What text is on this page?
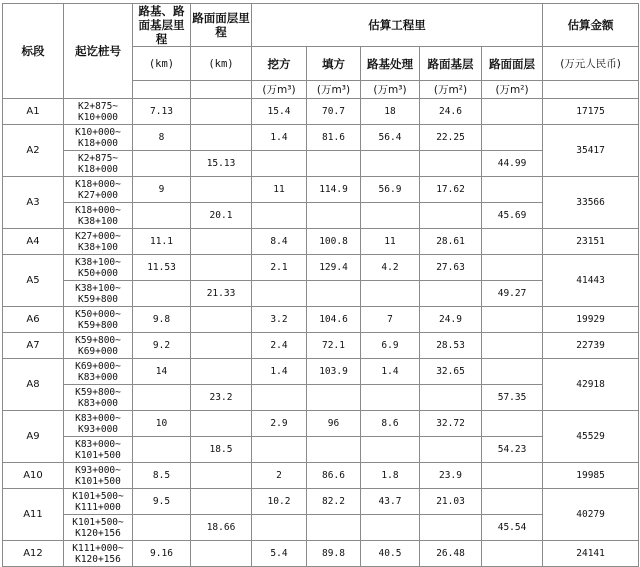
标段	起讫桩号	路基、路面基层里程	路面面层里程	估算工程里					估算金额
		(km)	(km)	挖方	填方	路基处理	路面基层	路面面层	(万元人民币)
				(万m³)	(万m³)	(万m³)	(万m²)	(万m²)	
A1	K2+875~
K10+000	7.13		15.4	70.7	18	24.6		17175
A2	K10+000~
K18+000	8		1.4	81.6	56.4	22.25		35417

	K2+875~
K18+000		15.13					44.99	
A3	K18+000~
K27+000	9		11	114.9	56.9	17.62		33566

	K18+000~
K38+100		20.1					45.69	
A4	K27+000~
K38+100	11.1		8.4	100.8	11	28.61		23151
A5	K38+100~
K50+000	11.53		2.1	129.4	4.2	27.63		41443

	K38+100~
K59+800		21.33					49.27	
A6	K50+000~
K59+800	9.8		3.2	104.6	7	24.9		19929
A7	K59+800~
K69+000	9.2		2.4	72.1	6.9	28.53		22739
A8	K69+000~
K83+000	14		1.4	103.9	1.4	32.65		42918

	K59+800~
K83+000		23.2					57.35	
A9	K83+000~
K93+000	10		2.9	96	8.6	32.72		45529

	K83+000~
K101+500		18.5					54.23	
A10	K93+000~
K101+500	8.5		2	86.6	1.8	23.9		19985
A11	K101+500~
K111+000	9.5		10.2	82.2	43.7	21.03		40279

	K101+500~
K120+156		18.66					45.54	
A12	K111+000~
K120+156	9.16		5.4	89.8	40.5	26.48		24141
